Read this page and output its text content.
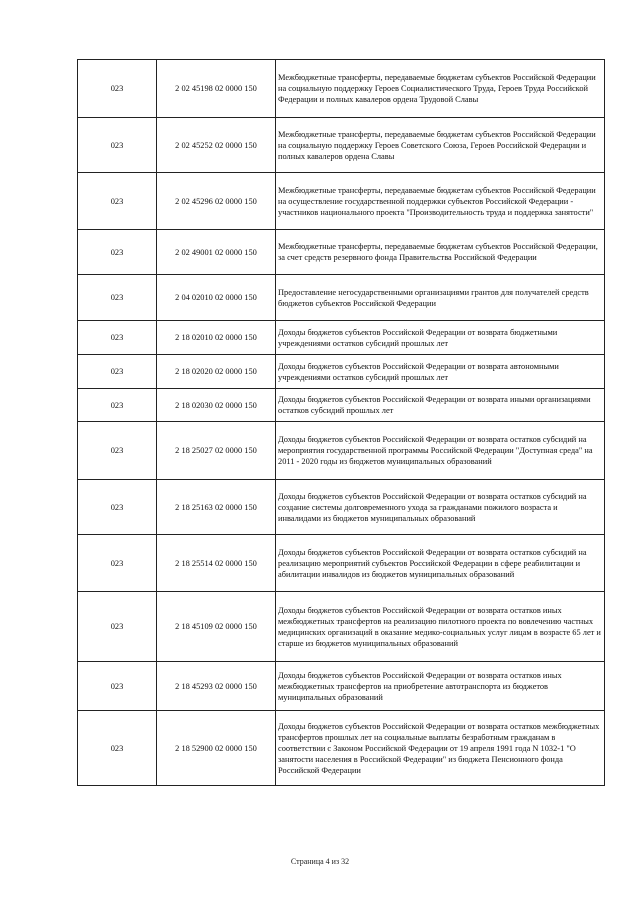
023	2 02 45198 02 0000 150	Межбюджетные трансферты, передаваемые бюджетам субъектов Российской Федерации на социальную поддержку Героев Социалистического Труда, Героев Труда Российской Федерации и полных кавалеров ордена Трудовой Славы
023	2 02 45252 02 0000 150	Межбюджетные трансферты, передаваемые бюджетам субъектов Российской Федерации на социальную поддержку Героев Советского Союза, Героев Российской Федерации и полных кавалеров ордена Славы
023	2 02 45296 02 0000 150	Межбюджетные трансферты, передаваемые бюджетам субъектов Российской Федерации на осуществление государственной поддержки субъектов Российской Федерации - участников национального проекта "Производительность труда и поддержка занятости"
023	2 02 49001 02 0000 150	Межбюджетные трансферты, передаваемые бюджетам субъектов Российской Федерации, за счет средств резервного фонда Правительства Российской Федерации
023	2 04 02010 02 0000 150	Предоставление негосударственными организациями грантов для получателей средств бюджетов субъектов Российской Федерации
023	2 18 02010 02 0000 150	Доходы бюджетов субъектов Российской Федерации от возврата бюджетными учреждениями остатков субсидий прошлых лет
023	2 18 02020 02 0000 150	Доходы бюджетов субъектов Российской Федерации от возврата автономными учреждениями остатков субсидий прошлых лет
023	2 18 02030 02 0000 150	Доходы бюджетов субъектов Российской Федерации от возврата иными организациями остатков субсидий прошлых лет
023	2 18 25027 02 0000 150	Доходы бюджетов субъектов Российской Федерации от возврата остатков субсидий на мероприятия государственной программы Российской Федерации "Доступная среда" на 2011 - 2020 годы из бюджетов муниципальных образований
023	2 18 25163 02 0000 150	Доходы бюджетов субъектов Российской Федерации от возврата остатков субсидий на создание системы долговременного ухода за гражданами пожилого возраста и инвалидами из бюджетов муниципальных образований
023	2 18 25514 02 0000 150	Доходы бюджетов субъектов Российской Федерации от возврата остатков субсидий на реализацию мероприятий субъектов Российской Федерации в сфере реабилитации и абилитации инвалидов из бюджетов муниципальных образований
023	2 18 45109 02 0000 150	Доходы бюджетов субъектов Российской Федерации от возврата остатков иных межбюджетных трансфертов на реализацию пилотного проекта по вовлечению частных медицинских организаций в оказание медико-социальных услуг лицам в возрасте 65 лет и старше из бюджетов муниципальных образований
023	2 18 45293 02 0000 150	Доходы бюджетов субъектов Российской Федерации от возврата остатков иных межбюджетных трансфертов на приобретение автотранспорта из бюджетов муниципальных образований
023	2 18 52900 02 0000 150	Доходы бюджетов субъектов Российской Федерации от возврата остатков межбюджетных трансфертов прошлых лет на социальные выплаты безработным гражданам в соответствии с Законом Российской Федерации от 19 апреля 1991 года N 1032-1 "О занятости населения в Российской Федерации" из бюджета Пенсионного фонда Российской Федерации
Страница 4 из 32
